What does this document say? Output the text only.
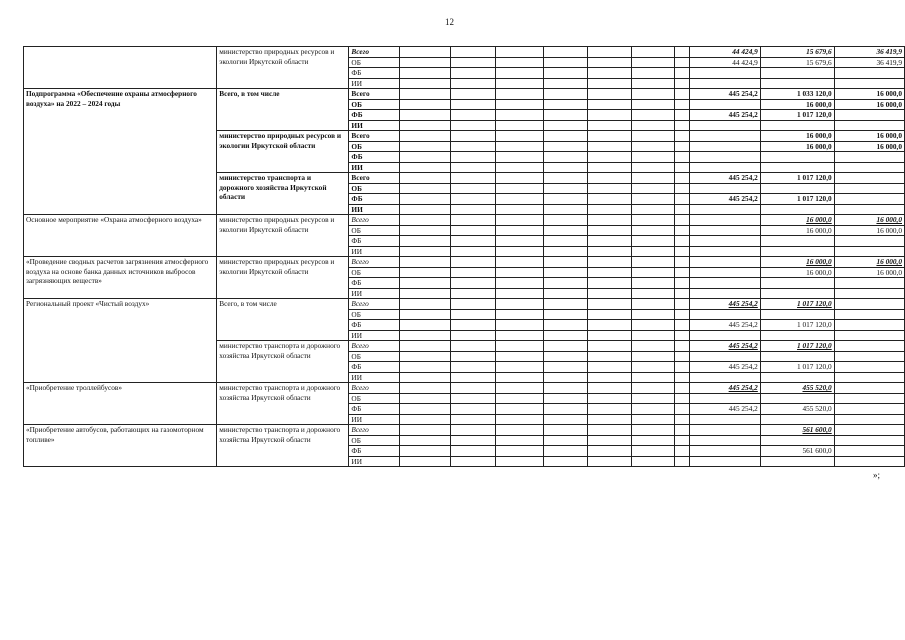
12
	министерство природных ресурсов и экологии Иркутской области	Всего								44 424,9	15 679,6	36 419,9
		ОБ								44 424,9	15 679,6	36 419,9
		ФБ										
		ИИ										
Подпрограмма «Обеспечение охраны атмосферного воздуха» на 2022 – 2024 годы	Всего, в том числе	Всего								445 254,2	1 033 120,0	16 000,0
		ОБ									16 000,0	16 000,0
		ФБ								445 254,2	1 017 120,0	
		ИИ										
	министерство природных ресурсов и экологии Иркутской области	Всего									16 000,0	16 000,0
		ОБ									16 000,0	16 000,0
		ФБ										
		ИИ										
	министерство транспорта и дорожного хозяйства Иркутской области	Всего								445 254,2	1 017 120,0	
		ОБ										
		ФБ								445 254,2	1 017 120,0	
		ИИ										
Основное мероприятие «Охрана атмосферного воздуха»	министерство природных ресурсов и экологии Иркутской области	Всего									16 000,0	16 000,0
		ОБ									16 000,0	16 000,0
		ФБ										
		ИИ										
«Проведение сводных расчетов загрязнения атмосферного воздуха на основе банка данных источников выбросов загрязняющих веществ»	министерство природных ресурсов и экологии Иркутской области	Всего									16 000,0	16 000,0
		ОБ									16 000,0	16 000,0
		ФБ										
		ИИ										
Региональный проект «Чистый воздух»	Всего, в том числе	Всего								445 254,2	1 017 120,0	
		ОБ										
		ФБ								445 254,2	1 017 120,0	
		ИИ										
	министерство транспорта и дорожного хозяйства Иркутской области	Всего								445 254,2	1 017 120,0	
		ОБ										
		ФБ								445 254,2	1 017 120,0	
		ИИ										
«Приобретение троллейбусов»	министерство транспорта и дорожного хозяйства Иркутской области	Всего								445 254,2	455 520,0	
		ОБ										
		ФБ								445 254,2	455 520,0	
		ИИ										
«Приобретение автобусов, работающих на газомоторном топливе»	министерство транспорта и дорожного хозяйства Иркутской области	Всего									561 600,0	
		ОБ										
		ФБ									561 600,0	
		ИИ										
»;
